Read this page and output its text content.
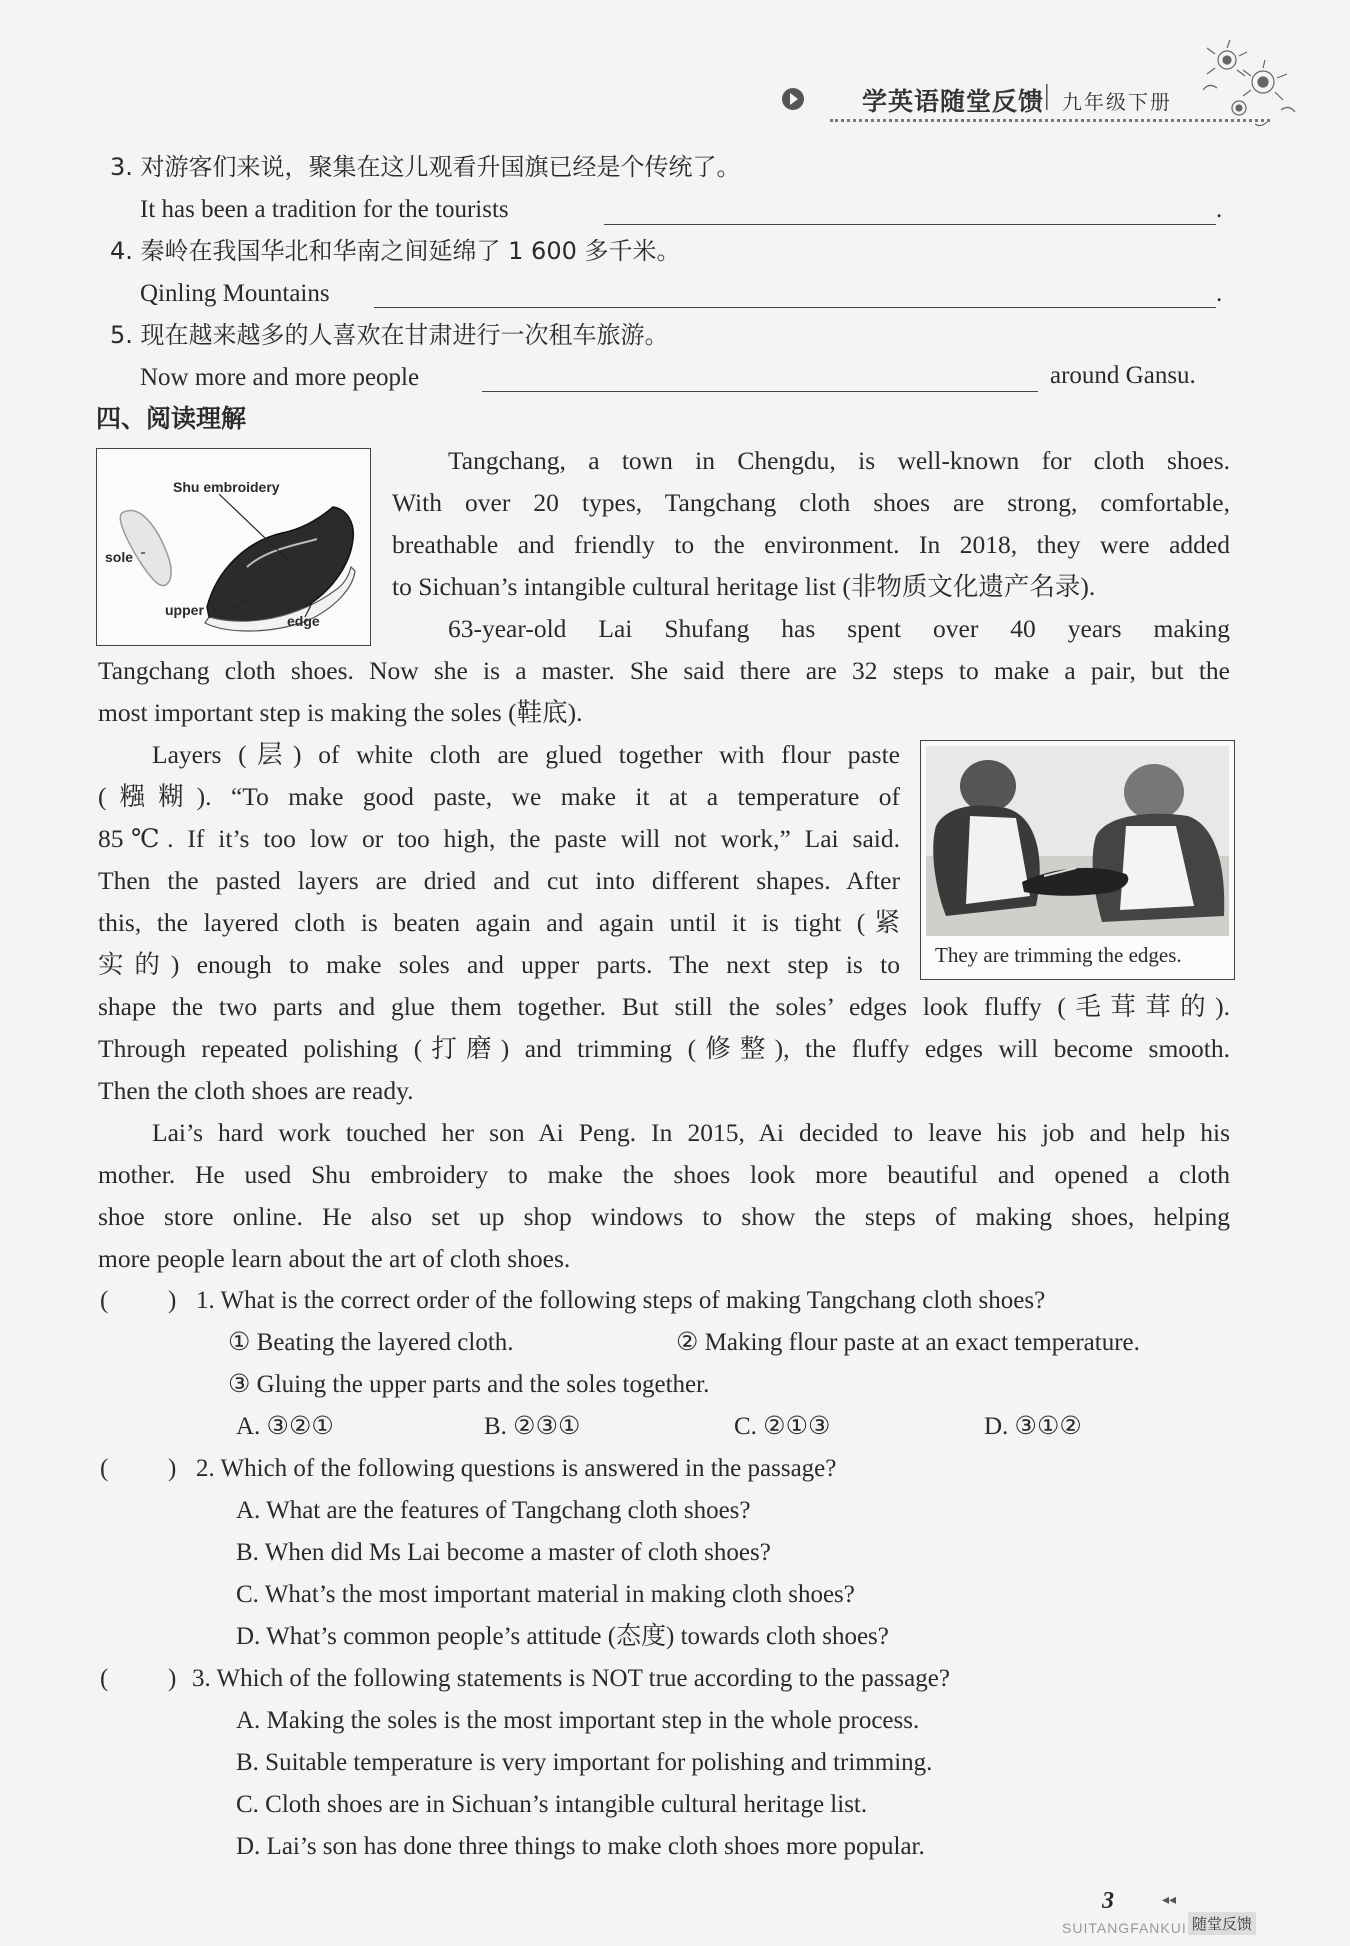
学英语随堂反馈 | 九年级下册
3. 对游客们来说，聚集在这儿观看升国旗已经是个传统了。
It has been a tradition for the tourists	.
4. 秦岭在我国华北和华南之间延绵了 1 600 多千米。
Qinling Mountains	.
5. 现在越来越多的人喜欢在甘肃进行一次租车旅游。
Now more and more people	around Gansu.
四、阅读理解
Shu embroidery
sole
upper parts
edge
Tangchang, a town in Chengdu, is well-known for cloth shoes.
With over 20 types, Tangchang cloth shoes are strong, comfortable,
breathable and friendly to the environment. In 2018, they were added
to Sichuan’s intangible cultural heritage list (非物质文化遗产名录).
63-year-old Lai Shufang has spent over 40 years making
Tangchang cloth shoes. Now she is a master. She said there are 32 steps to make a pair, but the
most important step is making the soles (鞋底).
They are trimming the edges.
Layers (层) of white cloth are glued together with flour paste
(糨糊). “To make good paste, we make it at a temperature of
85℃. If it’s too low or too high, the paste will not work,” Lai said.
Then the pasted layers are dried and cut into different shapes. After
this, the layered cloth is beaten again and again until it is tight (紧
实的) enough to make soles and upper parts. The next step is to
shape the two parts and glue them together. But still the soles’ edges look fluffy (毛茸茸的).
Through repeated polishing (打磨) and trimming (修整), the fluffy edges will become smooth.
Then the cloth shoes are ready.
Lai’s hard work touched her son Ai Peng. In 2015, Ai decided to leave his job and help his
mother. He used Shu embroidery to make the shoes look more beautiful and opened a cloth
shoe store online. He also set up shop windows to show the steps of making shoes, helping
more people learn about the art of cloth shoes.
( ) 1. What is the correct order of the following steps of making Tangchang cloth shoes?
① Beating the layered cloth.	② Making flour paste at an exact temperature.
③ Gluing the upper parts and the soles together.
A. ③②①	B. ②③①	C. ②①③	D. ③①②
( ) 2. Which of the following questions is answered in the passage?
A. What are the features of Tangchang cloth shoes?
B. When did Ms Lai become a master of cloth shoes?
C. What’s the most important material in making cloth shoes?
D. What’s common people’s attitude (态度) towards cloth shoes?
( ) 3. Which of the following statements is NOT true according to the passage?
A. Making the soles is the most important step in the whole process.
B. Suitable temperature is very important for polishing and trimming.
C. Cloth shoes are in Sichuan’s intangible cultural heritage list.
D. Lai’s son has done three things to make cloth shoes more popular.
3	◂◂
SUITANGFANKUI 随堂反馈
